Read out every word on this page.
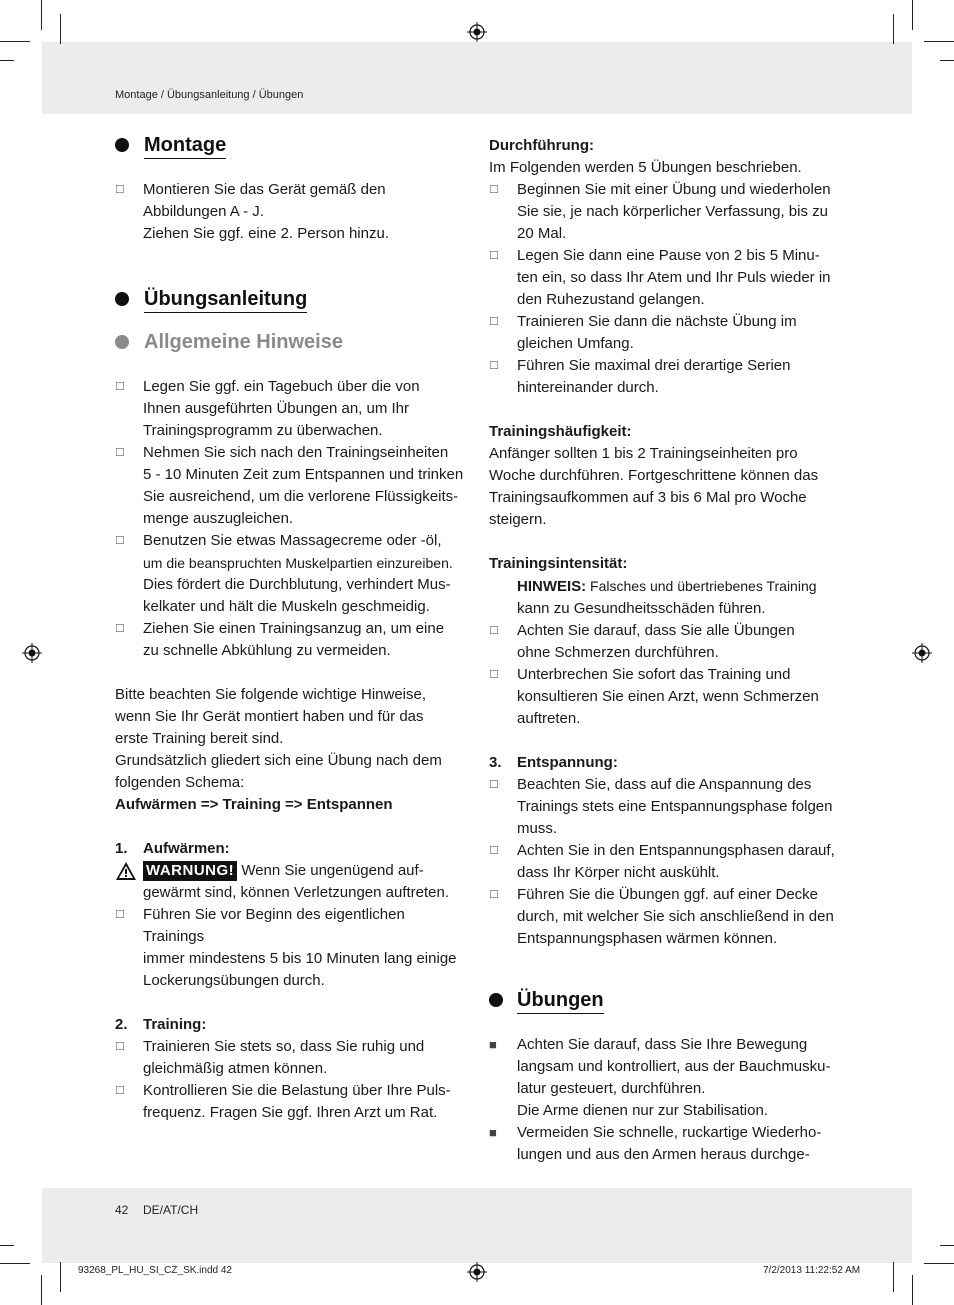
Montage / Übungsanleitung / Übungen
42 DE/AT/CH
93268_PL_HU_SI_CZ_SK.indd 42	7/2/2013 11:22:52 AM
Montage
☐ Montieren Sie das Gerät gemäß den
Abbildungen A - J.
Ziehen Sie ggf. eine 2. Person hinzu.
Übungsanleitung
Allgemeine Hinweise
☐ Legen Sie ggf. ein Tagebuch über die von
Ihnen ausgeführten Übungen an, um Ihr
Trainingsprogramm zu überwachen.
☐ Nehmen Sie sich nach den Trainingseinheiten
5 - 10 Minuten Zeit zum Entspannen und trinken
Sie ausreichend, um die verlorene Flüssigkeits-
menge auszugleichen.
☐ Benutzen Sie etwas Massagecreme oder -öl,
um die beanspruchten Muskelpartien einzureiben.
Dies fördert die Durchblutung, verhindert Mus-
kelkater und hält die Muskeln geschmeidig.
☐ Ziehen Sie einen Trainingsanzug an, um eine
zu schnelle Abkühlung zu vermeiden.
Bitte beachten Sie folgende wichtige Hinweise,
wenn Sie Ihr Gerät montiert haben und für das
erste Training bereit sind.
Grundsätzlich gliedert sich eine Übung nach dem
folgenden Schema:
Aufwärmen => Training => Entspannen
1. Aufwärmen:
WARNUNG! Wenn Sie ungenügend auf-
gewärmt sind, können Verletzungen auftreten.
☐ Führen Sie vor Beginn des eigentlichen Trainings
immer mindestens 5 bis 10 Minuten lang einige
Lockerungsübungen durch.
2. Training:
☐ Trainieren Sie stets so, dass Sie ruhig und
gleichmäßig atmen können.
☐ Kontrollieren Sie die Belastung über Ihre Puls-
frequenz. Fragen Sie ggf. Ihren Arzt um Rat.
Durchführung:
Im Folgenden werden 5 Übungen beschrieben.
☐ Beginnen Sie mit einer Übung und wiederholen
Sie sie, je nach körperlicher Verfassung, bis zu
20 Mal.
☐ Legen Sie dann eine Pause von 2 bis 5 Minu-
ten ein, so dass Ihr Atem und Ihr Puls wieder in
den Ruhezustand gelangen.
☐ Trainieren Sie dann die nächste Übung im
gleichen Umfang.
☐ Führen Sie maximal drei derartige Serien
hintereinander durch.
Trainingshäufigkeit:
Anfänger sollten 1 bis 2 Trainingseinheiten pro
Woche durchführen. Fortgeschrittene können das
Trainingsaufkommen auf 3 bis 6 Mal pro Woche
steigern.
Trainingsintensität:
HINWEIS: Falsches und übertriebenes Training
kann zu Gesundheitsschäden führen.
☐ Achten Sie darauf, dass Sie alle Übungen
ohne Schmerzen durchführen.
☐ Unterbrechen Sie sofort das Training und
konsultieren Sie einen Arzt, wenn Schmerzen
auftreten.
3. Entspannung:
☐ Beachten Sie, dass auf die Anspannung des
Trainings stets eine Entspannungsphase folgen
muss.
☐ Achten Sie in den Entspannungsphasen darauf,
dass Ihr Körper nicht auskühlt.
☐ Führen Sie die Übungen ggf. auf einer Decke
durch, mit welcher Sie sich anschließend in den
Entspannungsphasen wärmen können.
Übungen
■	Achten Sie darauf, dass Sie Ihre Bewegung
langsam und kontrolliert, aus der Bauchmusku-
latur gesteuert, durchführen.
Die Arme dienen nur zur Stabilisation.
■	Vermeiden Sie schnelle, ruckartige Wiederho-
lungen und aus den Armen heraus durchge-
